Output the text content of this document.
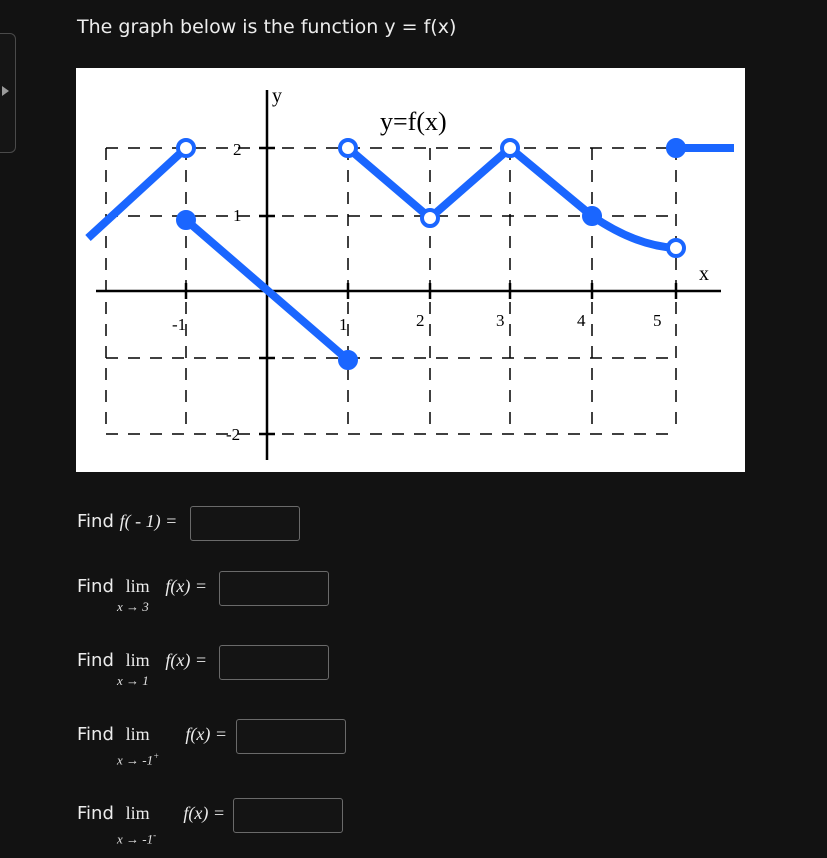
The graph below is the function y = f(x)
-1	1	2	3	4	5
2
1
-2
y
x
y=f(x)
Find f( - 1) =
Find lim f(x) =
x → 3
Find lim f(x) =
x → 1
Find lim f(x) =
x → -1+
Find lim f(x) =
x → -1-
